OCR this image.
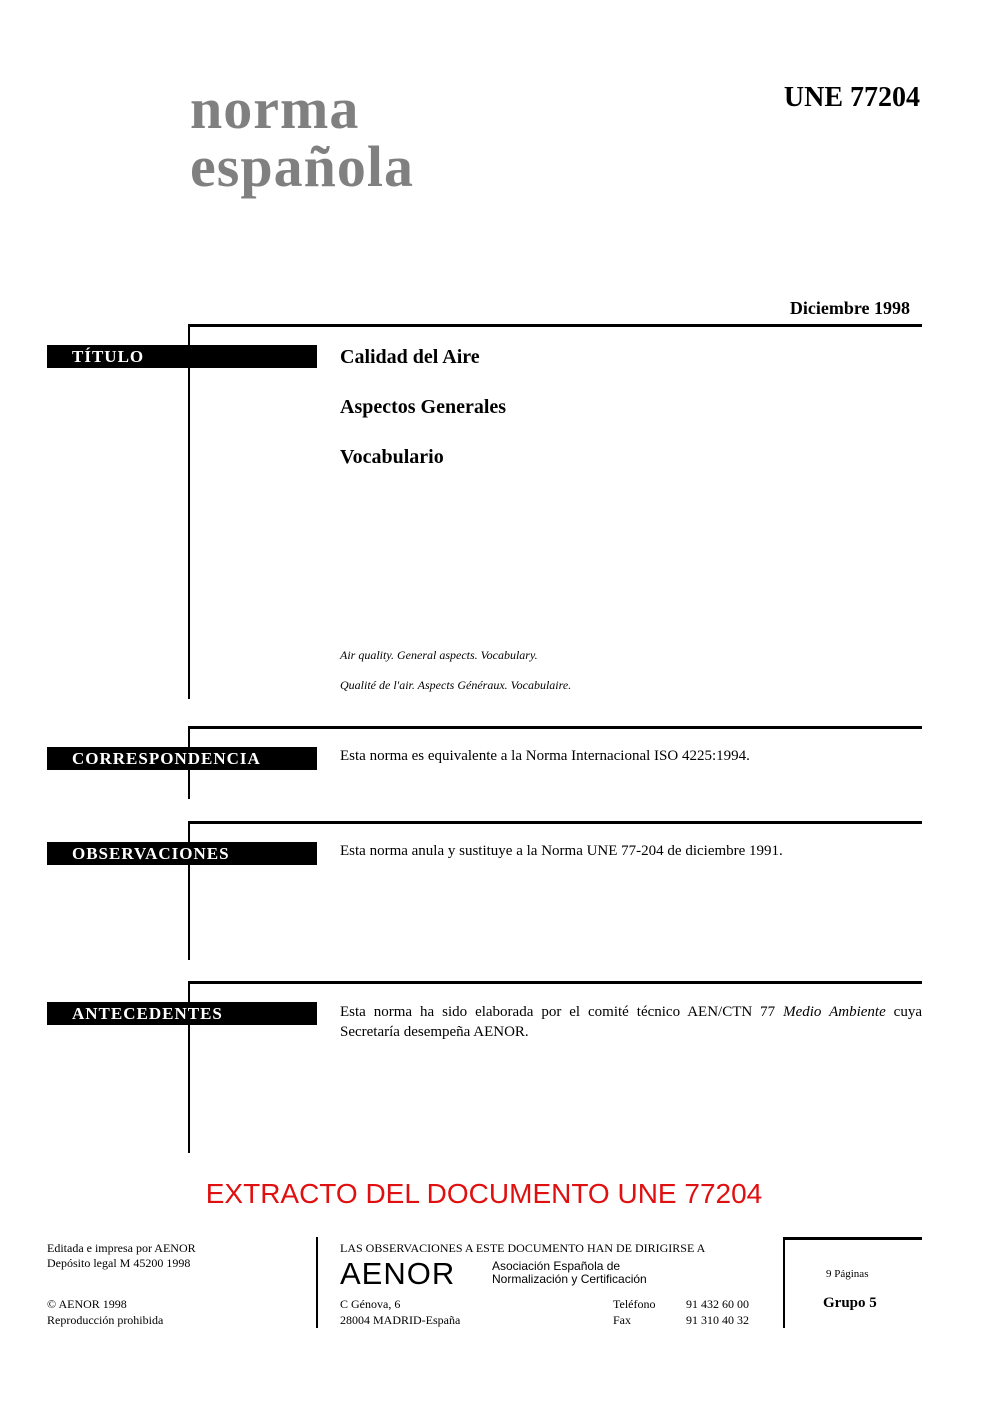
norma
española
UNE 77204
Diciembre 1998
TÍTULO	Calidad del Aire
Aspectos Generales
Vocabulario
Air quality. General aspects. Vocabulary.
Qualité de l'air. Aspects Généraux. Vocabulaire.
CORRESPONDENCIA	Esta norma es equivalente a la Norma Internacional ISO 4225:1994.
OBSERVACIONES	Esta norma anula y sustituye a la Norma UNE 77-204 de diciembre 1991.
ANTECEDENTES	Esta norma ha sido elaborada por el comité técnico AEN/CTN 77 Medio Ambiente cuya Secretaría desempeña AENOR.
EXTRACTO DEL DOCUMENTO UNE 77204
Editada e impresa por AENOR
Depósito legal M 45200 1998
© AENOR 1998
Reproducción prohibida
LAS OBSERVACIONES A ESTE DOCUMENTO HAN DE DIRIGIRSE A
AENOR	Asociación Española de
Normalización y Certificación
C Génova, 6
28004 MADRID-España
Teléfono	91 432 60 00
Fax	91 310 40 32
9 Páginas
Grupo 5
